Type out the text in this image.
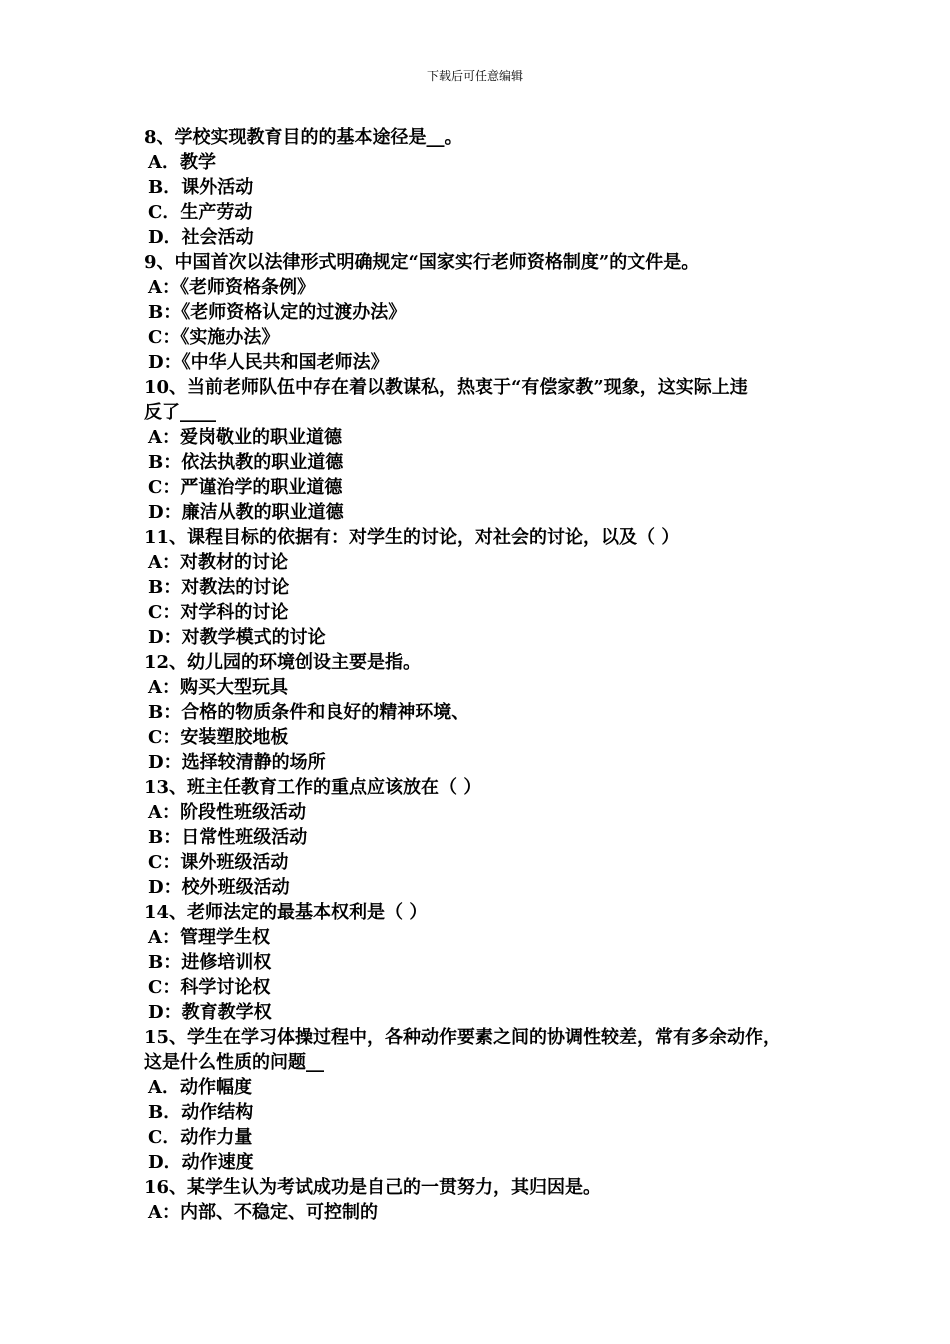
下载后可任意编辑
8、学校实现教育目的的基本途径是__。
A．教学
B．课外活动
C．生产劳动
D．社会活动
9、中国首次以法律形式明确规定“国家实行老师资格制度”的文件是。
A：《老师资格条例》
B：《老师资格认定的过渡办法》
C：《实施办法》
D：《中华人民共和国老师法》
10、当前老师队伍中存在着以教谋私，热衷于“有偿家教”现象，这实际上违
反了____
A：爱岗敬业的职业道德
B：依法执教的职业道德
C：严谨治学的职业道德
D：廉洁从教的职业道德
11、课程目标的依据有：对学生的讨论，对社会的讨论，以及（ ）
A：对教材的讨论
B：对教法的讨论
C：对学科的讨论
D：对教学模式的讨论
12、幼儿园的环境创设主要是指。
A：购买大型玩具
B：合格的物质条件和良好的精神环境、
C：安装塑胶地板
D：选择较清静的场所
13、班主任教育工作的重点应该放在（ ）
A：阶段性班级活动
B：日常性班级活动
C：课外班级活动
D：校外班级活动
14、老师法定的最基本权利是（ ）
A：管理学生权
B：进修培训权
C：科学讨论权
D：教育教学权
15、学生在学习体操过程中，各种动作要素之间的协调性较差，常有多余动作，
这是什么性质的问题__
A．动作幅度
B．动作结构
C．动作力量
D．动作速度
16、某学生认为考试成功是自己的一贯努力，其归因是。
A：内部、不稳定、可控制的
